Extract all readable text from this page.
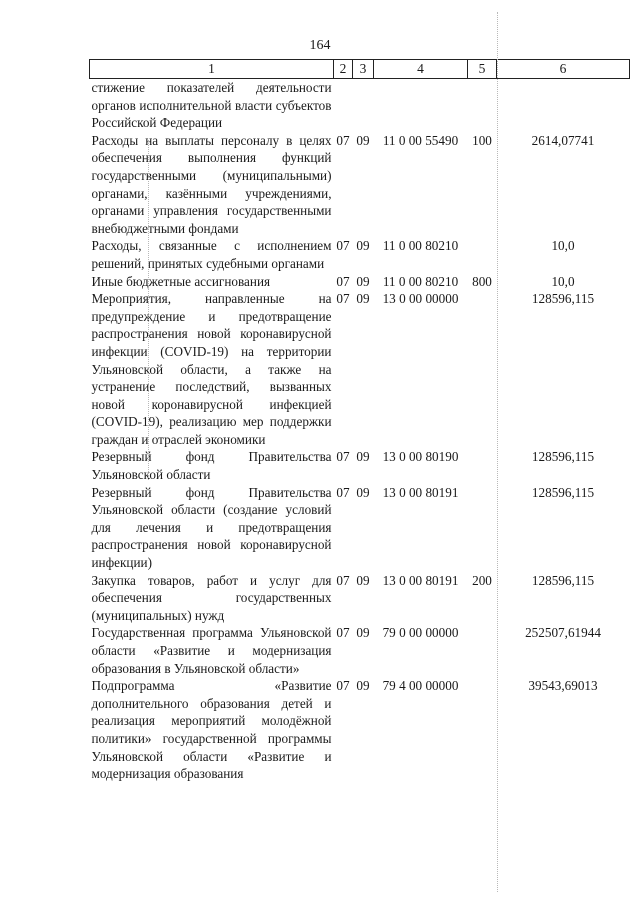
164
1	2	3	4	5	6
стижение показателей деятельности органов исполнительной власти субъектов Российской Федерации					
Расходы на выплаты персоналу в целях обеспечения выполнения функций государственными (муниципальными) органами, казёнными учреждениями, органами управления государственными внебюджетными фондами	07	09	11 0 00 55490	100	2614,07741
Расходы, связанные с исполнением решений, принятых судебными органами	07	09	11 0 00 80210		10,0
Иные бюджетные ассигнования	07	09	11 0 00 80210	800	10,0
Мероприятия, направленные на предупреждение и предотвращение распространения новой коронавирусной инфекции (COVID-19) на территории Ульяновской области, а также на устранение последствий, вызванных новой коронавирусной инфекцией (COVID-19), реализацию мер поддержки граждан и отраслей экономики	07	09	13 0 00 00000		128596,115
Резервный фонд Правительства Ульяновской области	07	09	13 0 00 80190		128596,115
Резервный фонд Правительства Ульяновской области (создание условий для лечения и предотвращения распространения новой коронавирусной инфекции)	07	09	13 0 00 80191		128596,115
Закупка товаров, работ и услуг для обеспечения государственных (муниципальных) нужд	07	09	13 0 00 80191	200	128596,115
Государственная программа Ульяновской области «Развитие и модернизация образования в Ульяновской области»	07	09	79 0 00 00000		252507,61944
Подпрограмма «Развитие дополнительного образования детей и реализация мероприятий молодёжной политики» государственной программы Ульяновской области «Развитие и модернизация образования	07	09	79 4 00 00000		39543,69013
